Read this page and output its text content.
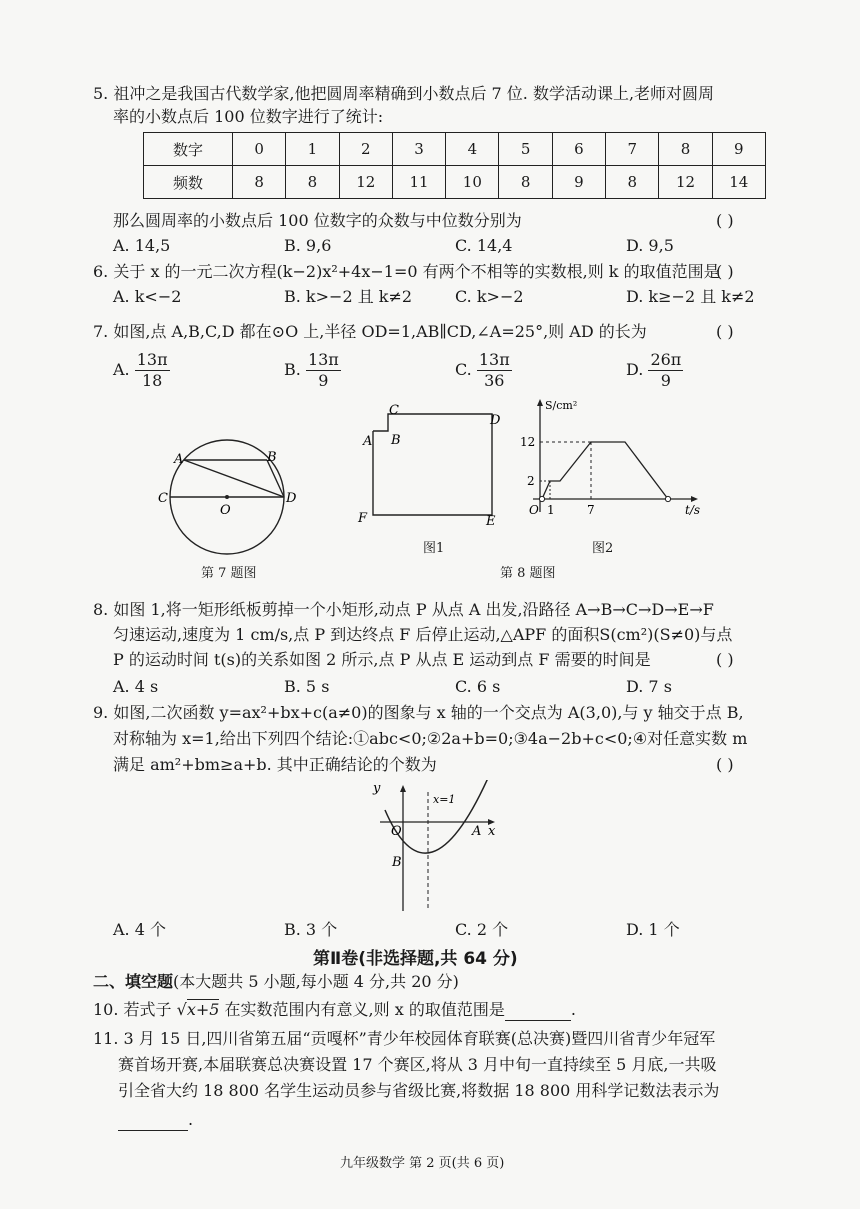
5. 祖冲之是我国古代数学家,他把圆周率精确到小数点后 7 位. 数学活动课上,老师对圆周
率的小数点后 100 位数字进行了统计:
数字	0	1	2	3	4	5	6	7	8	9
频数	8	8	12	11	10	8	9	8	12	14
那么圆周率的小数点后 100 位数字的众数与中位数分别为	( )
A. 14,5	B. 9,6	C. 14,4	D. 9,5
6. 关于 x 的一元二次方程(k−2)x²+4x−1=0 有两个不相等的实数根,则 k 的取值范围是
( )
A. k<−2	B. k>−2 且 k≠2	C. k>−2	D. k≥−2 且 k≠2
7. 如图,点 A,B,C,D 都在⊙O 上,半径 OD=1,AB∥CD,∠A=25°,则 AD 的长为	( )
A. $\frac{13\pi}{18}$	B. $\frac{13\pi}{9}$	C. $\frac{13\pi}{36}$	D. $\frac{26\pi}{9}$
A	B
C	D
O
第 7 题图
A B
C
D
E
F
图1
S/cm²
t/s
12
2
1	7
O
图2
第 8 题图
8. 如图 1,将一矩形纸板剪掉一个小矩形,动点 P 从点 A 出发,沿路径 A→B→C→D→E→F
匀速运动,速度为 1 cm/s,点 P 到达终点 F 后停止运动,△APF 的面积S(cm²)(S≠0)与点
P 的运动时间 t(s)的关系如图 2 所示,点 P 从点 E 运动到点 F 需要的时间是	( )
A. 4 s	B. 5 s	C. 6 s	D. 7 s
9. 如图,二次函数 y=ax²+bx+c(a≠0)的图象与 x 轴的一个交点为 A(3,0),与 y 轴交于点 B,
对称轴为 x=1,给出下列四个结论:①abc<0;②2a+b=0;③4a−2b+c<0;④对任意实数 m
满足 am²+bm≥a+b. 其中正确结论的个数为	( )
y
x
x=1
O	A
B
A. 4 个	B. 3 个	C. 2 个	D. 1 个
第Ⅱ卷(非选择题,共 64 分)
二、填空题(本大题共 5 小题,每小题 4 分,共 20 分)
10. 若式子 √x+5 在实数范围内有意义,则 x 的取值范围是	.
11. 3 月 15 日,四川省第五届“贡嘎杯”青少年校园体育联赛(总决赛)暨四川省青少年冠军
赛首场开赛,本届联赛总决赛设置 17 个赛区,将从 3 月中旬一直持续至 5 月底,一共吸
引全省大约 18 800 名学生运动员参与省级比赛,将数据 18 800 用科学记数法表示为
.
九年级数学 第 2 页(共 6 页)
